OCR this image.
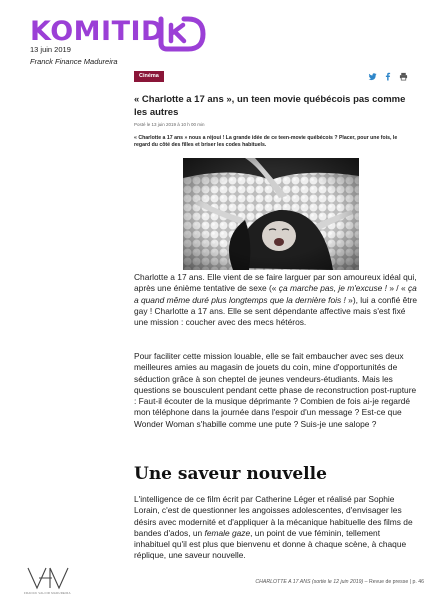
KOMITID
13 juin 2019
Franck Finance Madureira
Cinéma
« Charlotte a 17 ans », un teen movie québécois pas comme les autres
Posté le 13 juin 2019 à 10 h 00 min
« Charlotte a 17 ans » nous a réjoui ! La grande idée de ce teen-movie québécois ? Placer, pour une fois, le regard du côté des filles et briser les codes habituels.
Charlotte a 17 ans. Elle vient de se faire larguer par son amoureux idéal qui, après une énième tentative de sexe (« ça marche pas, je m'excuse ! » / « ça a quand même duré plus longtemps que la dernière fois ! »), lui a confié être gay ! Charlotte a 17 ans. Elle se sent dépendante affective mais s'est fixé une mission : coucher avec des mecs hétéros.
Pour faciliter cette mission louable, elle se fait embaucher avec ses deux meilleures amies au magasin de jouets du coin, mine d'opportunités de séduction grâce à son cheptel de jeunes vendeurs-étudiants. Mais les questions se bousculent pendant cette phase de reconstruction post-rupture : Faut-il écouter de la musique déprimante ? Combien de fois ai-je regardé mon téléphone dans la journée dans l'espoir d'un message ? Est-ce que Wonder Woman s'habille comme une pute ? Suis-je une salope ?
Une saveur nouvelle
L'intelligence de ce film écrit par Catherine Léger et réalisé par Sophie Lorain, c'est de questionner les angoisses adolescentes, d'envisager les désirs avec modernité et d'appliquer à la mécanique habituelle des films de bandes d'ados, un female gaze, un point de vue féminin, tellement inhabituel qu'il est plus que bienvenu et donne à chaque scène, à chaque réplique, une saveur nouvelle.
FRANCK VALOIR MADUREIRA
CHARLOTTE A 17 ANS (sortie le 12 juin 2019) – Revue de presse | p. 46
